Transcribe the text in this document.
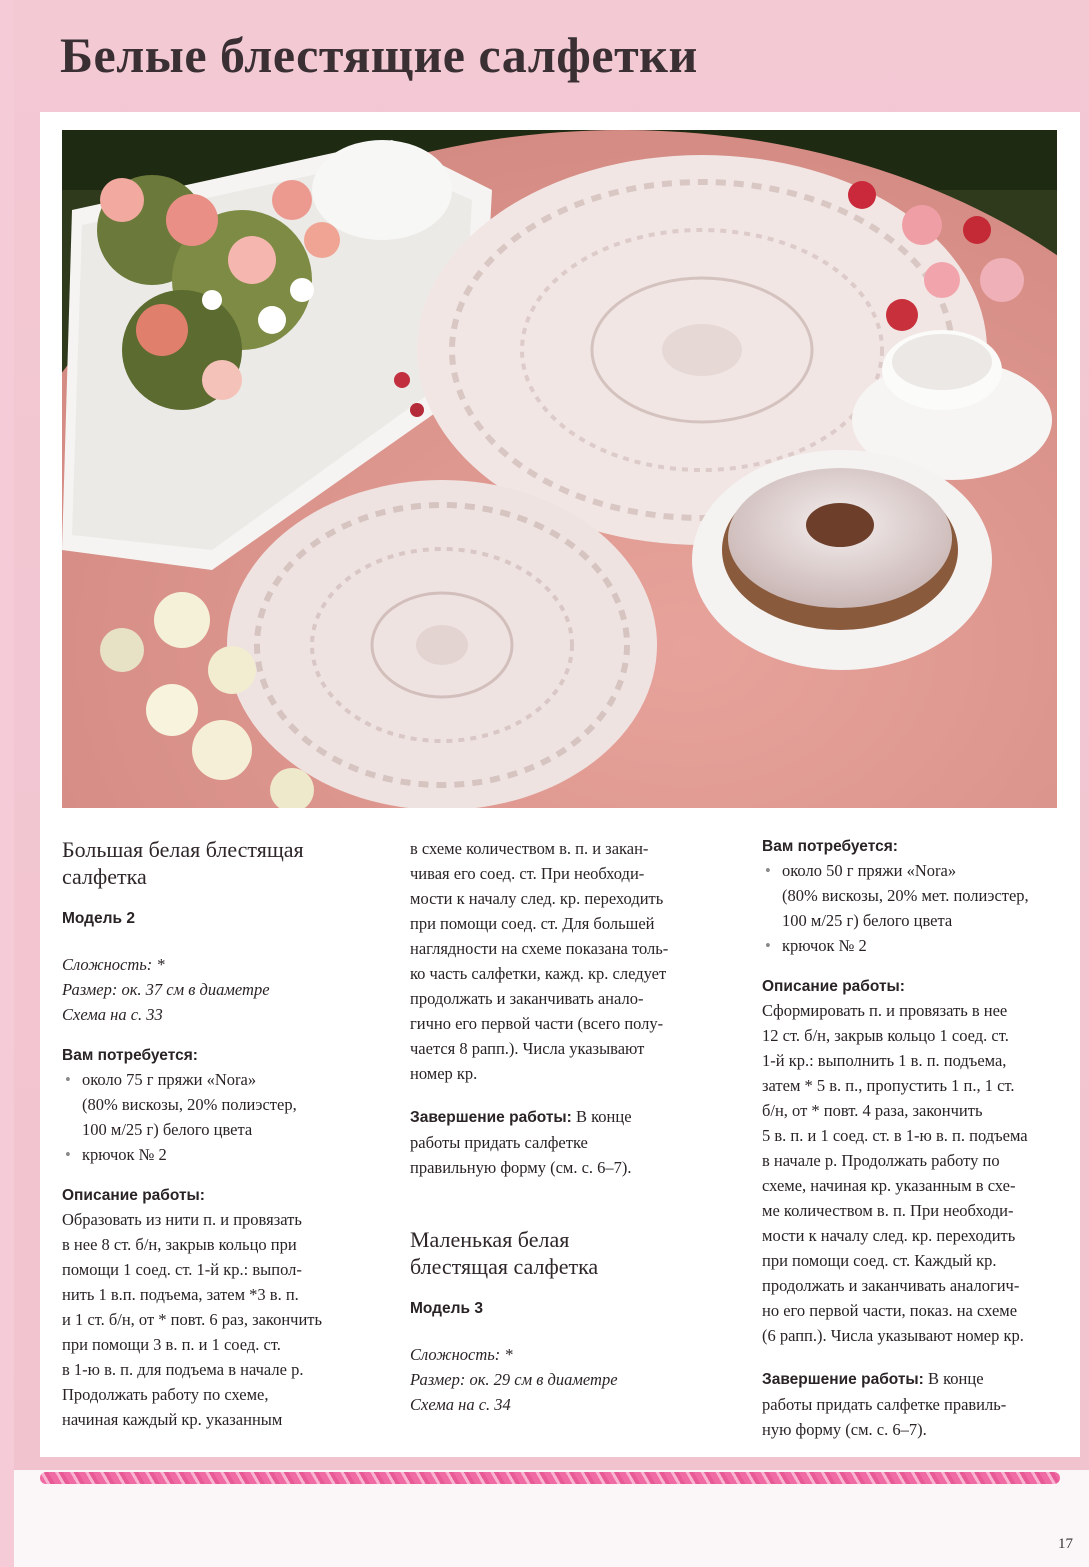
Белые блестящие салфетки
Большая белая блестящая
салфетка
Модель 2
Сложность: *
Размер: ок. 37 см в диаметре
Схема на с. 33
Вам потребуется:
• около 75 г пряжи «Nora»
(80% вискозы, 20% полиэстер,
100 м/25 г) белого цвета
• крючок № 2
Описание работы:
Образовать из нити п. и провязать
в нее 8 ст. б/н, закрыв кольцо при
помощи 1 соед. ст. 1-й кр.: выпол-
нить 1 в.п. подъема, затем *3 в. п.
и 1 ст. б/н, от * повт. 6 раз, закончить
при помощи 3 в. п. и 1 соед. ст.
в 1-ю в. п. для подъема в начале р.
Продолжать работу по схеме,
начиная каждый кр. указанным
в схеме количеством в. п. и закан-
чивая его соед. ст. При необходи-
мости к началу след. кр. переходить
при помощи соед. ст. Для большей
наглядности на схеме показана толь-
ко часть салфетки, кажд. кр. следует
продолжать и заканчивать анало-
гично его первой части (всего полу-
чается 8 рапп.). Числа указывают
номер кр.
Завершение работы: В конце
работы придать салфетке
правильную форму (см. с. 6–7).
Маленькая белая
блестящая салфетка
Модель 3
Сложность: *
Размер: ок. 29 см в диаметре
Схема на с. 34
Вам потребуется:
• около 50 г пряжи «Nora»
(80% вискозы, 20% мет. полиэстер,
100 м/25 г) белого цвета
• крючок № 2
Описание работы:
Сформировать п. и провязать в нее
12 ст. б/н, закрыв кольцо 1 соед. ст.
1-й кр.: выполнить 1 в. п. подъема,
затем * 5 в. п., пропустить 1 п., 1 ст.
б/н, от * повт. 4 раза, закончить
5 в. п. и 1 соед. ст. в 1-ю в. п. подъема
в начале р. Продолжать работу по
схеме, начиная кр. указанным в схе-
ме количеством в. п. При необходи-
мости к началу след. кр. переходить
при помощи соед. ст. Каждый кр.
продолжать и заканчивать аналогич-
но его первой части, показ. на схеме
(6 рапп.). Числа указывают номер кр.
Завершение работы: В конце
работы придать салфетке правиль-
ную форму (см. с. 6–7).
17
